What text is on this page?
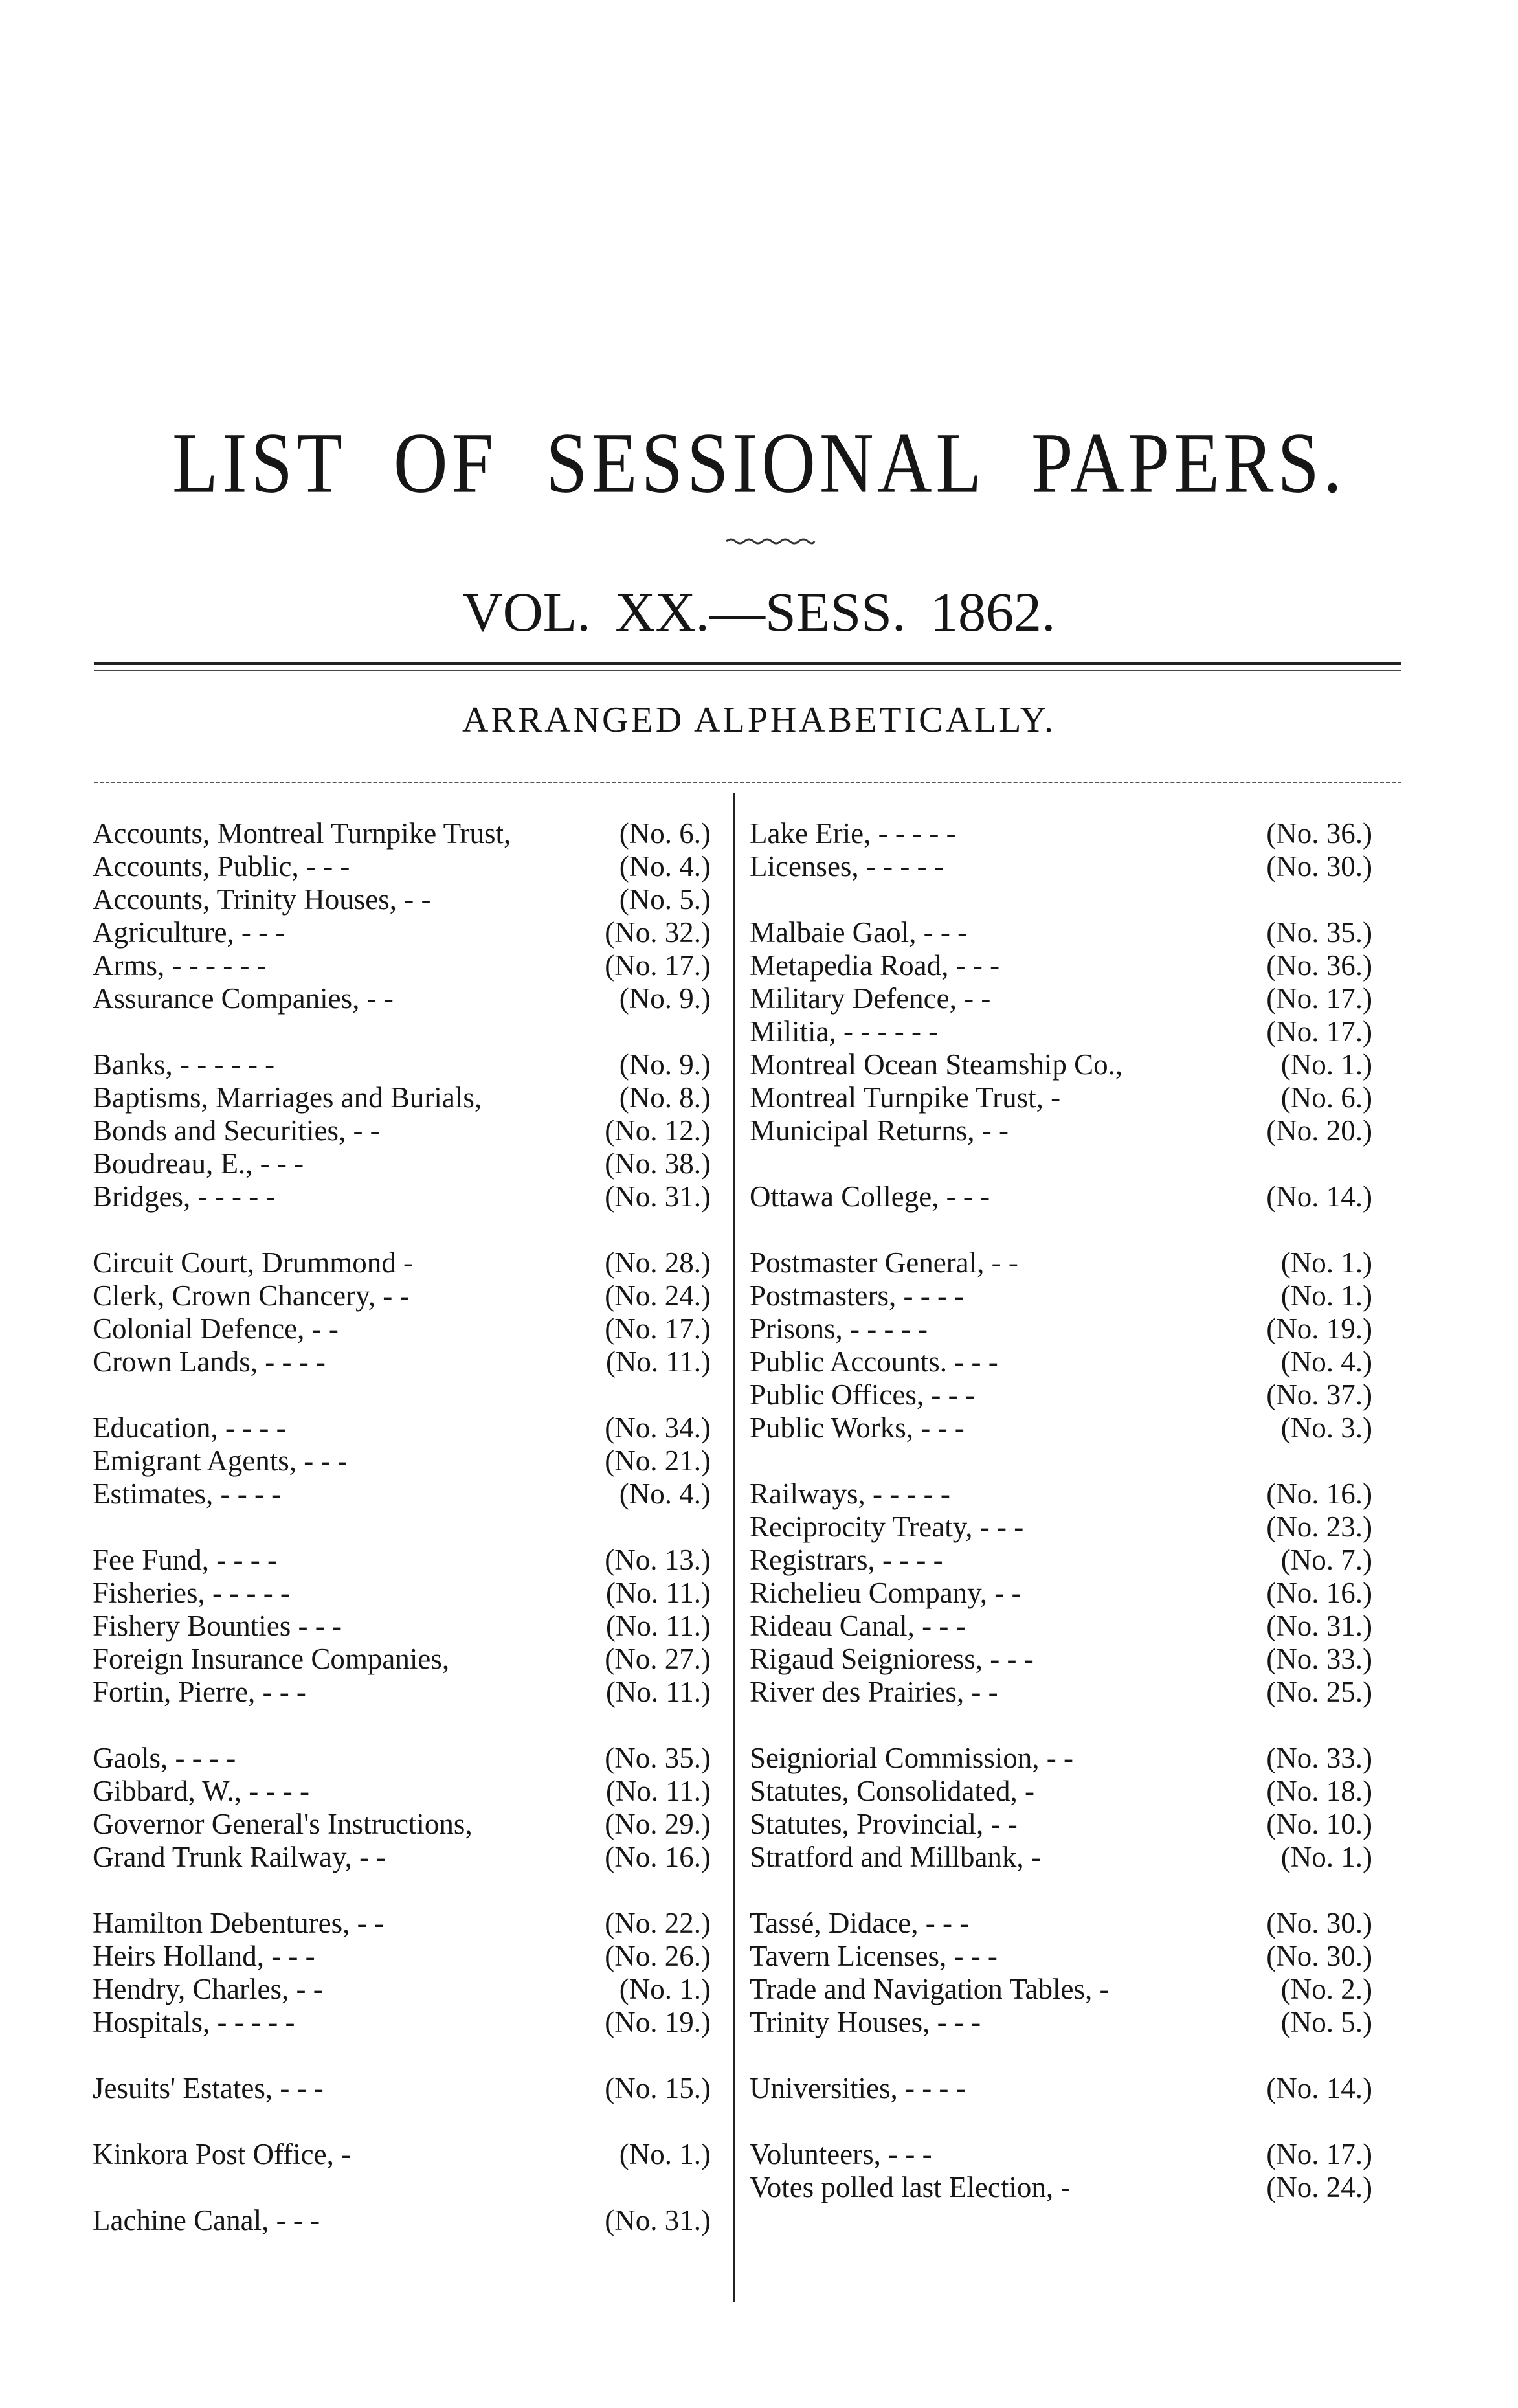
LIST OF SESSIONAL PAPERS.
VOL. XX.—SESS. 1862.
ARRANGED ALPHABETICALLY.
Accounts, Montreal Turnpike Trust,	(No. 6.)
Accounts, Public, - - -	(No. 4.)
Accounts, Trinity Houses, - -	(No. 5.)
Agriculture, - - -	(No. 32.)
Arms, - - - - - -	(No. 17.)
Assurance Companies, - -	(No. 9.)
Banks, - - - - - -	(No. 9.)
Baptisms, Marriages and Burials,	(No. 8.)
Bonds and Securities, - -	(No. 12.)
Boudreau, E., - - -	(No. 38.)
Bridges, - - - - -	(No. 31.)
Circuit Court, Drummond -	(No. 28.)
Clerk, Crown Chancery, - -	(No. 24.)
Colonial Defence, - -	(No. 17.)
Crown Lands, - - - -	(No. 11.)
Education, - - - -	(No. 34.)
Emigrant Agents, - - -	(No. 21.)
Estimates, - - - -	(No. 4.)
Fee Fund, - - - -	(No. 13.)
Fisheries, - - - - -	(No. 11.)
Fishery Bounties - - -	(No. 11.)
Foreign Insurance Companies,	(No. 27.)
Fortin, Pierre, - - -	(No. 11.)
Gaols, - - - -	(No. 35.)
Gibbard, W., - - - -	(No. 11.)
Governor General's Instructions,	(No. 29.)
Grand Trunk Railway, - -	(No. 16.)
Hamilton Debentures, - -	(No. 22.)
Heirs Holland, - - -	(No. 26.)
Hendry, Charles, - -	(No. 1.)
Hospitals, - - - - -	(No. 19.)
Jesuits' Estates, - - -	(No. 15.)
Kinkora Post Office, -	(No. 1.)
Lachine Canal, - - -	(No. 31.)
Lake Erie, - - - - -	(No. 36.)
Licenses, - - - - -	(No. 30.)
Malbaie Gaol, - - -	(No. 35.)
Metapedia Road, - - -	(No. 36.)
Military Defence, - -	(No. 17.)
Militia, - - - - - -	(No. 17.)
Montreal Ocean Steamship Co.,	(No. 1.)
Montreal Turnpike Trust, -	(No. 6.)
Municipal Returns, - -	(No. 20.)
Ottawa College, - - -	(No. 14.)
Postmaster General, - -	(No. 1.)
Postmasters, - - - -	(No. 1.)
Prisons, - - - - -	(No. 19.)
Public Accounts. - - -	(No. 4.)
Public Offices, - - -	(No. 37.)
Public Works, - - -	(No. 3.)
Railways, - - - - -	(No. 16.)
Reciprocity Treaty, - - -	(No. 23.)
Registrars, - - - -	(No. 7.)
Richelieu Company, - -	(No. 16.)
Rideau Canal, - - -	(No. 31.)
Rigaud Seignioress, - - -	(No. 33.)
River des Prairies, - -	(No. 25.)
Seigniorial Commission, - -	(No. 33.)
Statutes, Consolidated, -	(No. 18.)
Statutes, Provincial, - -	(No. 10.)
Stratford and Millbank, -	(No. 1.)
Tassé, Didace, - - -	(No. 30.)
Tavern Licenses, - - -	(No. 30.)
Trade and Navigation Tables, -	(No. 2.)
Trinity Houses, - - -	(No. 5.)
Universities, - - - -	(No. 14.)
Volunteers, - - -	(No. 17.)
Votes polled last Election, -	(No. 24.)
